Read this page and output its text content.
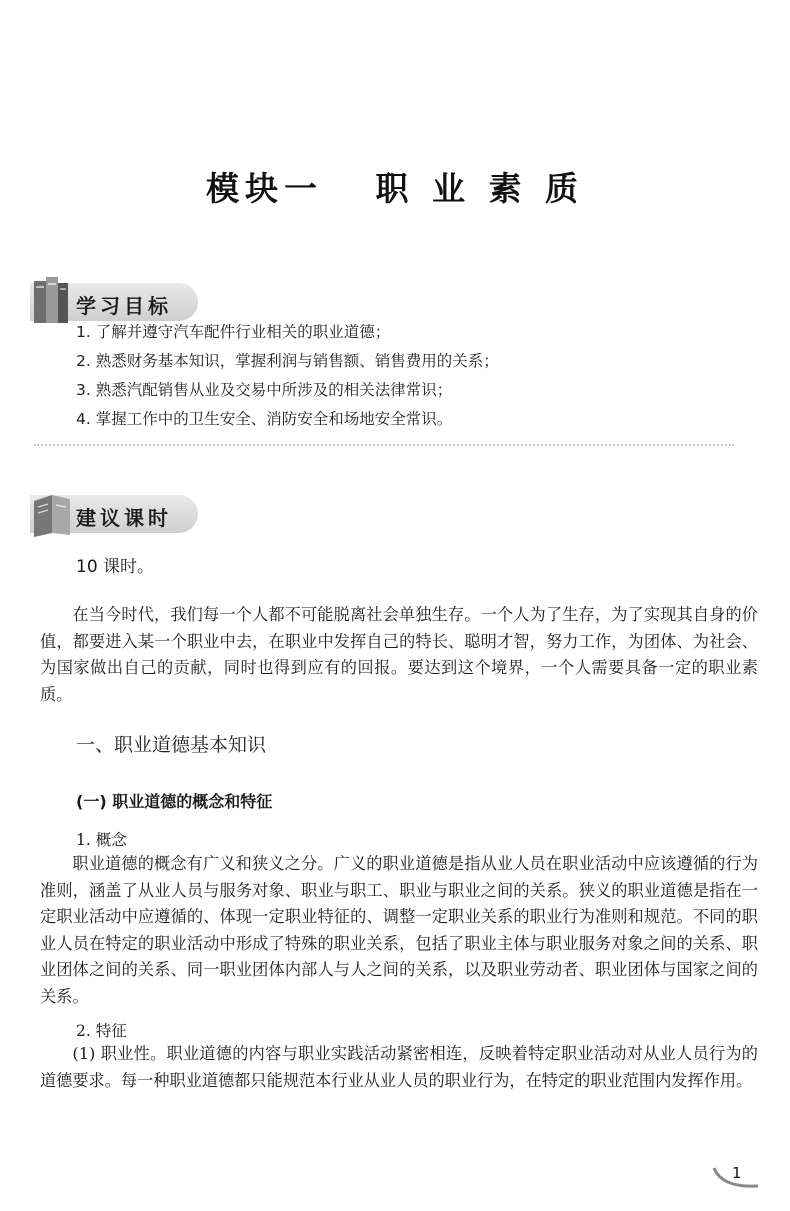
模块一   职 业 素 质
学习目标
1. 了解并遵守汽车配件行业相关的职业道德；
2. 熟悉财务基本知识，掌握利润与销售额、销售费用的关系；
3. 熟悉汽配销售从业及交易中所涉及的相关法律常识；
4. 掌握工作中的卫生安全、消防安全和场地安全常识。
建议课时
10 课时。
在当今时代，我们每一个人都不可能脱离社会单独生存。一个人为了生存，为了实现其自身的价值，都要进入某一个职业中去，在职业中发挥自己的特长、聪明才智，努力工作，为团体、为社会、为国家做出自己的贡献，同时也得到应有的回报。要达到这个境界，一个人需要具备一定的职业素质。
一、职业道德基本知识
(一) 职业道德的概念和特征
1. 概念
职业道德的概念有广义和狭义之分。广义的职业道德是指从业人员在职业活动中应该遵循的行为准则，涵盖了从业人员与服务对象、职业与职工、职业与职业之间的关系。狭义的职业道德是指在一定职业活动中应遵循的、体现一定职业特征的、调整一定职业关系的职业行为准则和规范。不同的职业人员在特定的职业活动中形成了特殊的职业关系，包括了职业主体与职业服务对象之间的关系、职业团体之间的关系、同一职业团体内部人与人之间的关系，以及职业劳动者、职业团体与国家之间的关系。
2. 特征
(1) 职业性。职业道德的内容与职业实践活动紧密相连，反映着特定职业活动对从业人员行为的道德要求。每一种职业道德都只能规范本行业从业人员的职业行为，在特定的职业范围内发挥作用。
1
